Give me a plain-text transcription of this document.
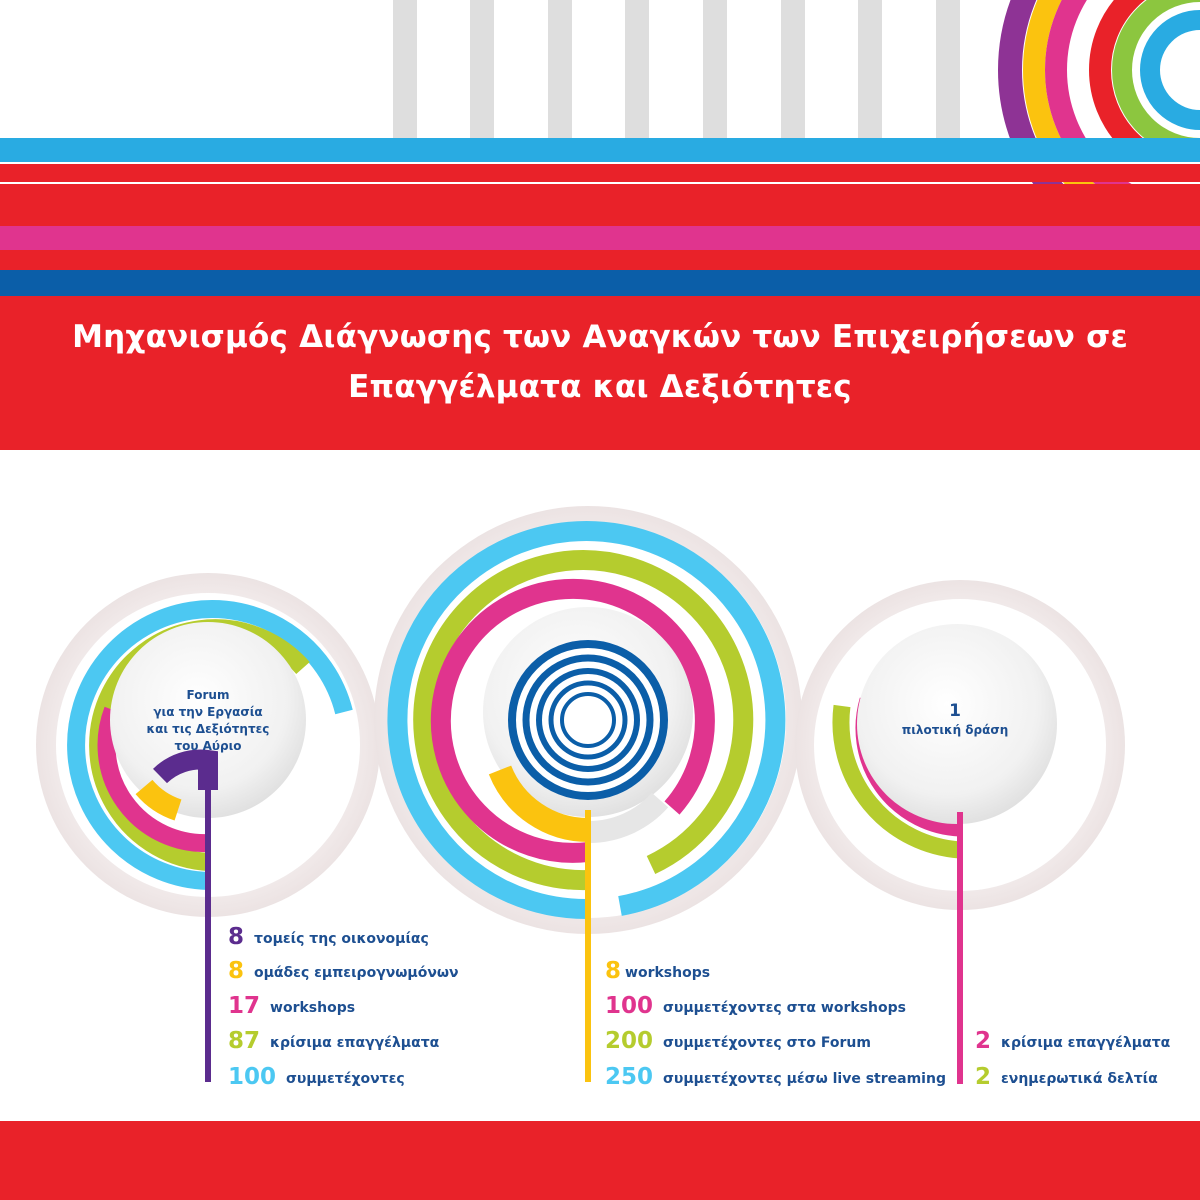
Μηχανισμός Διάγνωσης των Αναγκών των Επιχειρήσεων σε
Επαγγέλματα και Δεξιότητες
Forum
για την Εργασία
και τις Δεξιότητες
του Αύριο
1
πιλοτική δράση
8 τομείς της οικονομίας
8 ομάδες εμπειρογνωμόνων
17 workshops
87 κρίσιμα επαγγέλματα
100 συμμετέχοντες
8 workshops
100 συμμετέχοντες στα workshops
200 συμμετέχοντες στο Forum
250 συμμετέχοντες μέσω live streaming
2 κρίσιμα επαγγέλματα
2 ενημερωτικά δελτία
